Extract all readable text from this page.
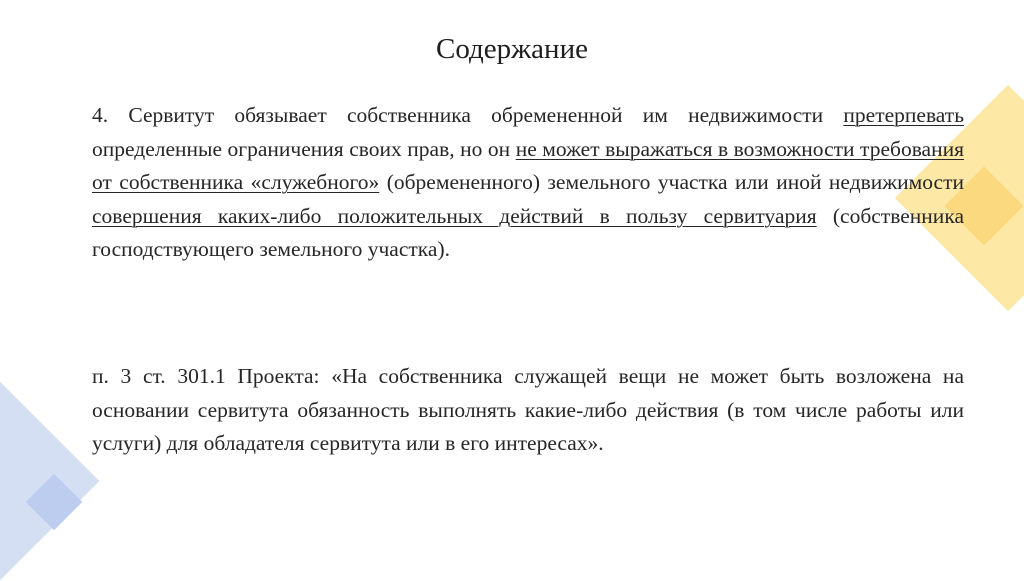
Содержание

4. Сервитут обязывает собственника обремененной им недвижимости претерпевать определенные ограничения своих прав, но он не может выражаться в возможности требования от собственника «служебного» (обремененного) земельного участка или иной недвижимости совершения каких-либо положительных действий в пользу сервитуария (собственника господствующего земельного участка).

п. 3 ст. 301.1 Проекта: «На собственника служащей вещи не может быть возложена на основании сервитута обязанность выполнять какие-либо действия (в том числе работы или услуги) для обладателя сервитута или в его интересах».
